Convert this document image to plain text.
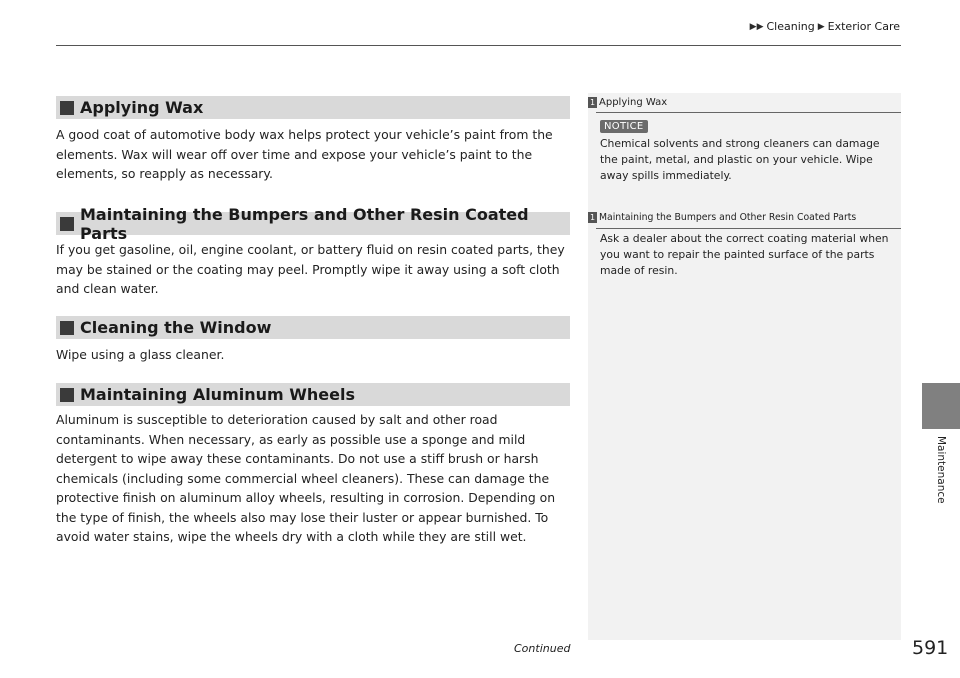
▶▶ Cleaning ▶ Exterior Care
Applying Wax
A good coat of automotive body wax helps protect your vehicle’s paint from the elements. Wax will wear off over time and expose your vehicle’s paint to the elements, so reapply as necessary.
Maintaining the Bumpers and Other Resin Coated Parts
If you get gasoline, oil, engine coolant, or battery fluid on resin coated parts, they may be stained or the coating may peel. Promptly wipe it away using a soft cloth and clean water.
Cleaning the Window
Wipe using a glass cleaner.
Maintaining Aluminum Wheels
Aluminum is susceptible to deterioration caused by salt and other road contaminants. When necessary, as early as possible use a sponge and mild detergent to wipe away these contaminants. Do not use a stiff brush or harsh chemicals (including some commercial wheel cleaners). These can damage the protective finish on aluminum alloy wheels, resulting in corrosion. Depending on the type of finish, the wheels also may lose their luster or appear burnished. To avoid water stains, wipe the wheels dry with a cloth while they are still wet.
1 Applying Wax
NOTICE
Chemical solvents and strong cleaners can damage the paint, metal, and plastic on your vehicle. Wipe away spills immediately.
1 Maintaining the Bumpers and Other Resin Coated Parts
Ask a dealer about the correct coating material when you want to repair the painted surface of the parts made of resin.
Maintenance
Continued	591
